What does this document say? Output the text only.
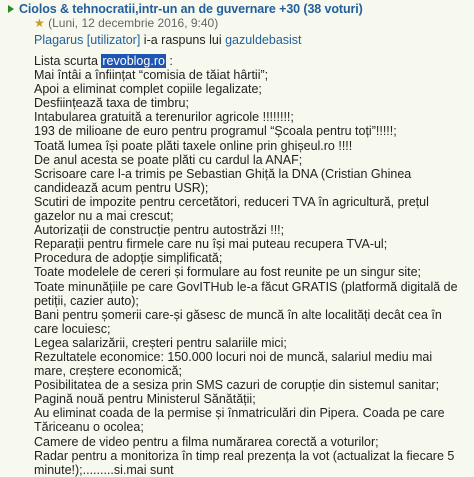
Ciolos & tehnocratii,intr-un an de guvernare +30 (38 voturi)
★ (Luni, 12 decembrie 2016, 9:40)
Plagarus [utilizator] i-a raspuns lui gazuldebasist
Lista scurta revoblog.ro :
Mai întâi a înființat “comisia de tăiat hârtii”;
Apoi a eliminat complet copiile legalizate;
Desființează taxa de timbru;
Intabularea gratuită a terenurilor agricole !!!!!!!!;
193 de milioane de euro pentru programul “Școala pentru toți”!!!!!;
Toată lumea își poate plăti taxele online prin ghișeul.ro !!!!
De anul acesta se poate plăti cu cardul la ANAF;
Scrisoare care l-a trimis pe Sebastian Ghiță la DNA (Cristian Ghinea candidează acum pentru USR);
Scutiri de impozite pentru cercetători, reduceri TVA în agricultură, prețul gazelor nu a mai crescut;
Autorizații de construcție pentru autostrăzi !!!;
Reparații pentru firmele care nu își mai puteau recupera TVA-ul;
Procedura de adopție simplificată;
Toate modelele de cereri și formulare au fost reunite pe un singur site;
Toate minunățiile pe care GovITHub le-a făcut GRATIS (platformă digitală de petiții, cazier auto);
Bani pentru șomerii care-și găsesc de muncă în alte localități decât cea în care locuiesc;
Legea salarizării, creșteri pentru salariile mici;
Rezultatele economice: 150.000 locuri noi de muncă, salariul mediu mai mare, creștere economică;
Posibilitatea de a sesiza prin SMS cazuri de corupție din sistemul sanitar;
Pagină nouă pentru Ministerul Sănătății;
Au eliminat coada de la permise și înmatriculări din Pipera. Coada pe care Tăriceanu o ocolea;
Camere de video pentru a filma numărarea corectă a voturilor;
Radar pentru a monitoriza în timp real prezența la vot (actualizat la fiecare 5 minute!);.........si.mai sunt
